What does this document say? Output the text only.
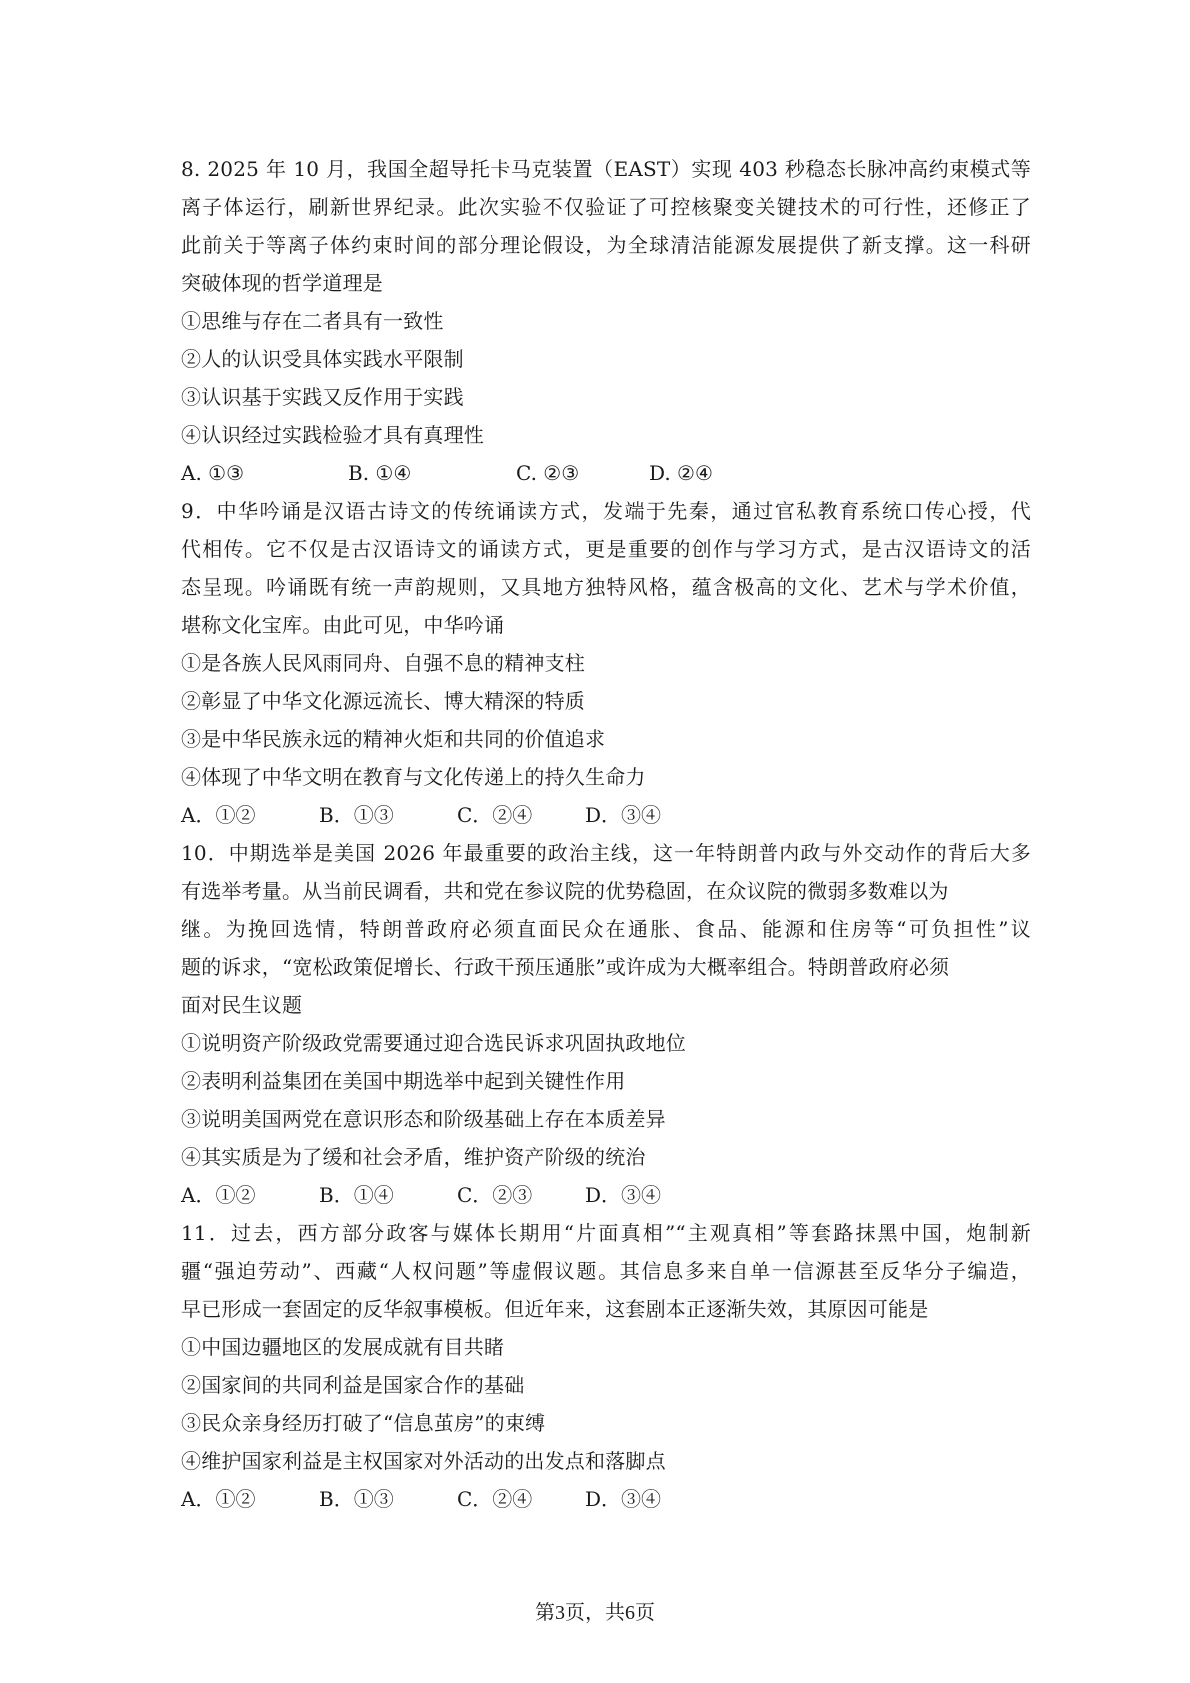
8. 2025 年 10 月，我国全超导托卡马克装置（EAST）实现 403 秒稳态长脉冲高约束模式等
离子体运行，刷新世界纪录。此次实验不仅验证了可控核聚变关键技术的可行性，还修正了
此前关于等离子体约束时间的部分理论假设，为全球清洁能源发展提供了新支撑。这一科研
突破体现的哲学道理是
①思维与存在二者具有一致性
②人的认识受具体实践水平限制
③认识基于实践又反作用于实践
④认识经过实践检验才具有真理性
A. ①③	B. ①④	C. ②③	D. ②④
9．中华吟诵是汉语古诗文的传统诵读方式，发端于先秦，通过官私教育系统口传心授，代
代相传。它不仅是古汉语诗文的诵读方式，更是重要的创作与学习方式，是古汉语诗文的活
态呈现。吟诵既有统一声韵规则，又具地方独特风格，蕴含极高的文化、艺术与学术价值，
堪称文化宝库。由此可见，中华吟诵
①是各族人民风雨同舟、自强不息的精神支柱
②彰显了中华文化源远流长、博大精深的特质
③是中华民族永远的精神火炬和共同的价值追求
④体现了中华文明在教育与文化传递上的持久生命力
A．①②	B．①③	C．②④	D．③④
10．中期选举是美国 2026 年最重要的政治主线，这一年特朗普内政与外交动作的背后大多
有选举考量。从当前民调看，共和党在参议院的优势稳固，在众议院的微弱多数难以为
继。为挽回选情，特朗普政府必须直面民众在通胀、食品、能源和住房等“可负担性”议
题的诉求，“宽松政策促增长、行政干预压通胀”或许成为大概率组合。特朗普政府必须
面对民生议题
①说明资产阶级政党需要通过迎合选民诉求巩固执政地位
②表明利益集团在美国中期选举中起到关键性作用
③说明美国两党在意识形态和阶级基础上存在本质差异
④其实质是为了缓和社会矛盾，维护资产阶级的统治
A．①②	B．①④	C．②③	D．③④
11．过去，西方部分政客与媒体长期用“片面真相”“主观真相”等套路抹黑中国，炮制新
疆“强迫劳动”、西藏“人权问题”等虚假议题。其信息多来自单一信源甚至反华分子编造，
早已形成一套固定的反华叙事模板。但近年来，这套剧本正逐渐失效，其原因可能是
①中国边疆地区的发展成就有目共睹
②国家间的共同利益是国家合作的基础
③民众亲身经历打破了“信息茧房”的束缚
④维护国家利益是主权国家对外活动的出发点和落脚点
A．①②	B．①③	C．②④	D．③④
第3页，共6页
